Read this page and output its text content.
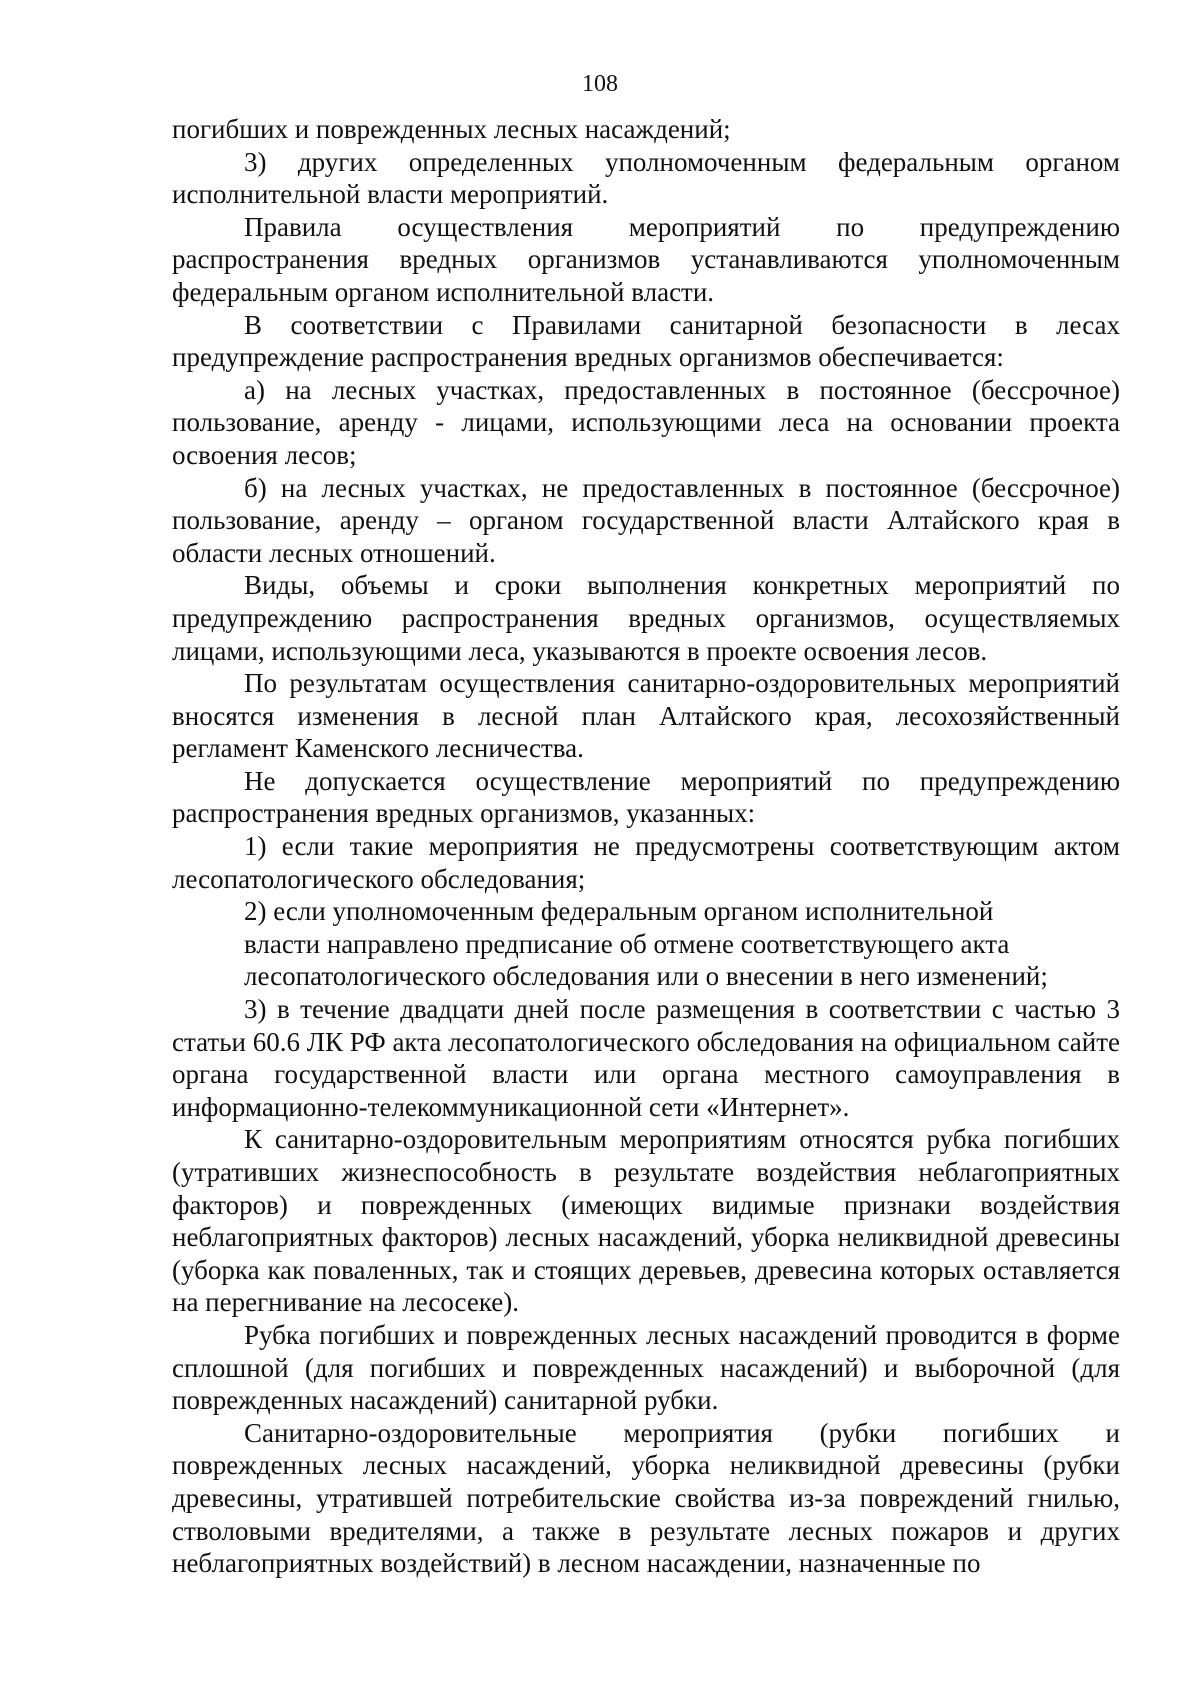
108

погибших и поврежденных лесных насаждений;

3) других определенных уполномоченным федеральным органом исполнительной власти мероприятий.

Правила осуществления мероприятий по предупреждению распространения вредных организмов устанавливаются уполномоченным федеральным органом исполнительной власти.

В соответствии с Правилами санитарной безопасности в лесах предупреждение распространения вредных организмов обеспечивается:

а) на лесных участках, предоставленных в постоянное (бессрочное) пользование, аренду - лицами, использующими леса на основании проекта освоения лесов;

б) на лесных участках, не предоставленных в постоянное (бессрочное) пользование, аренду – органом государственной власти Алтайского края в области лесных отношений.

Виды, объемы и сроки выполнения конкретных мероприятий по предупреждению распространения вредных организмов, осуществляемых лицами, использующими леса, указываются в проекте освоения лесов.

По результатам осуществления санитарно-оздоровительных мероприятий вносятся изменения в лесной план Алтайского края, лесохозяйственный регламент Каменского лесничества.

Не допускается осуществление мероприятий по предупреждению распространения вредных организмов, указанных:

1) если такие мероприятия не предусмотрены соответствующим актом лесопатологического обследования;

2) если уполномоченным федеральным органом исполнительной
власти направлено предписание об отмене соответствующего акта
лесопатологического обследования или о внесении в него изменений;

3) в течение двадцати дней после размещения в соответствии с частью 3 статьи 60.6 ЛК РФ акта лесопатологического обследования на официальном сайте органа государственной власти или органа местного самоуправления в информационно-телекоммуникационной сети «Интернет».

К санитарно-оздоровительным мероприятиям относятся рубка погибших (утративших жизнеспособность в результате воздействия неблагоприятных факторов) и поврежденных (имеющих видимые признаки воздействия неблагоприятных факторов) лесных насаждений, уборка неликвидной древесины (уборка как поваленных, так и стоящих деревьев, древесина которых оставляется на перегнивание на лесосеке).

Рубка погибших и поврежденных лесных насаждений проводится в форме сплошной (для погибших и поврежденных насаждений) и выборочной (для поврежденных насаждений) санитарной рубки.

Санитарно-оздоровительные мероприятия (рубки погибших и поврежденных лесных насаждений, уборка неликвидной древесины (рубки древесины, утратившей потребительские свойства из-за повреждений гнилью, стволовыми вредителями, а также в результате лесных пожаров и других неблагоприятных воздействий) в лесном насаждении, назначенные по
